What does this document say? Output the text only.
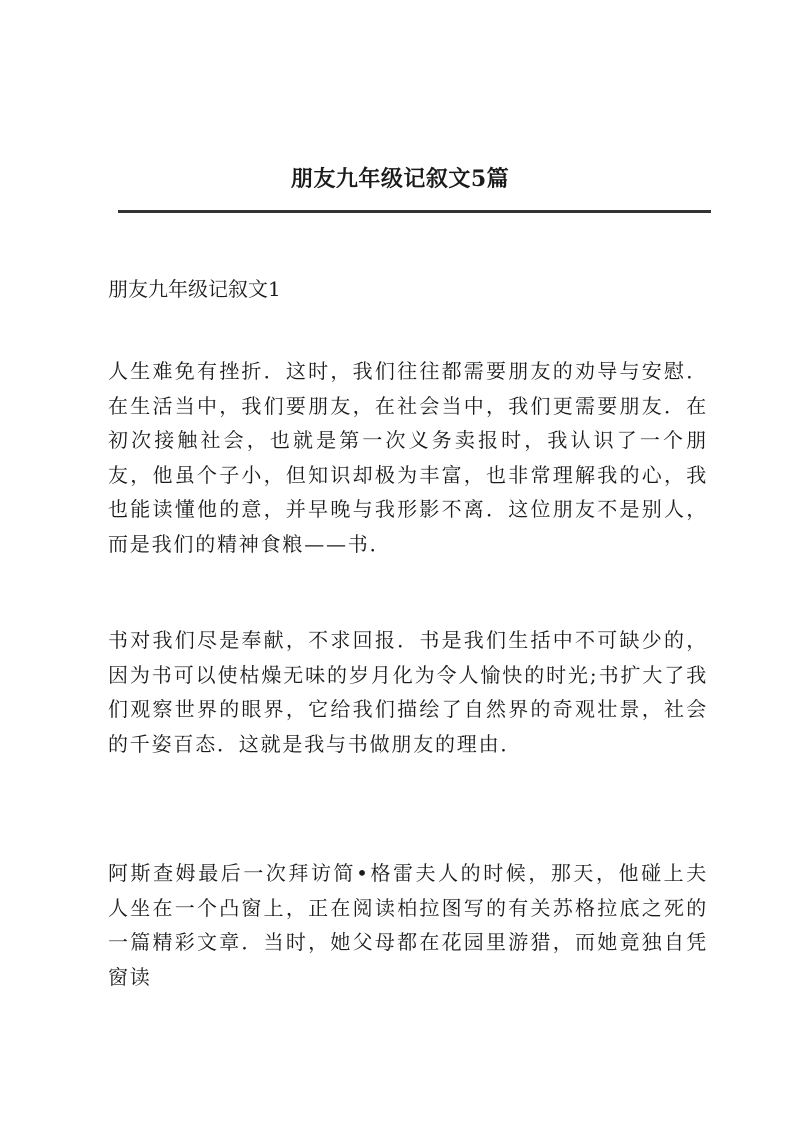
朋友九年级记叙文5篇
朋友九年级记叙文1

人生难免有挫折．这时，我们往往都需要朋友的劝导与安慰．在生活当中，我们要朋友，在社会当中，我们更需要朋友．在初次接触社会，也就是第一次义务卖报时，我认识了一个朋友，他虽个子小，但知识却极为丰富，也非常理解我的心，我也能读懂他的意，并早晚与我形影不离．这位朋友不是别人，而是我们的精神食粮——书．

书对我们尽是奉献，不求回报．书是我们生括中不可缺少的，因为书可以使枯燥无味的岁月化为令人愉快的时光;书扩大了我们观察世界的眼界，它给我们描绘了自然界的奇观壮景，社会的千姿百态．这就是我与书做朋友的理由．

阿斯查姆最后一次拜访简•格雷夫人的时候，那天，他碰上夫人坐在一个凸窗上，正在阅读柏拉图写的有关苏格拉底之死的一篇精彩文章．当时，她父母都在花园里游猎，而她竟独自凭窗读
